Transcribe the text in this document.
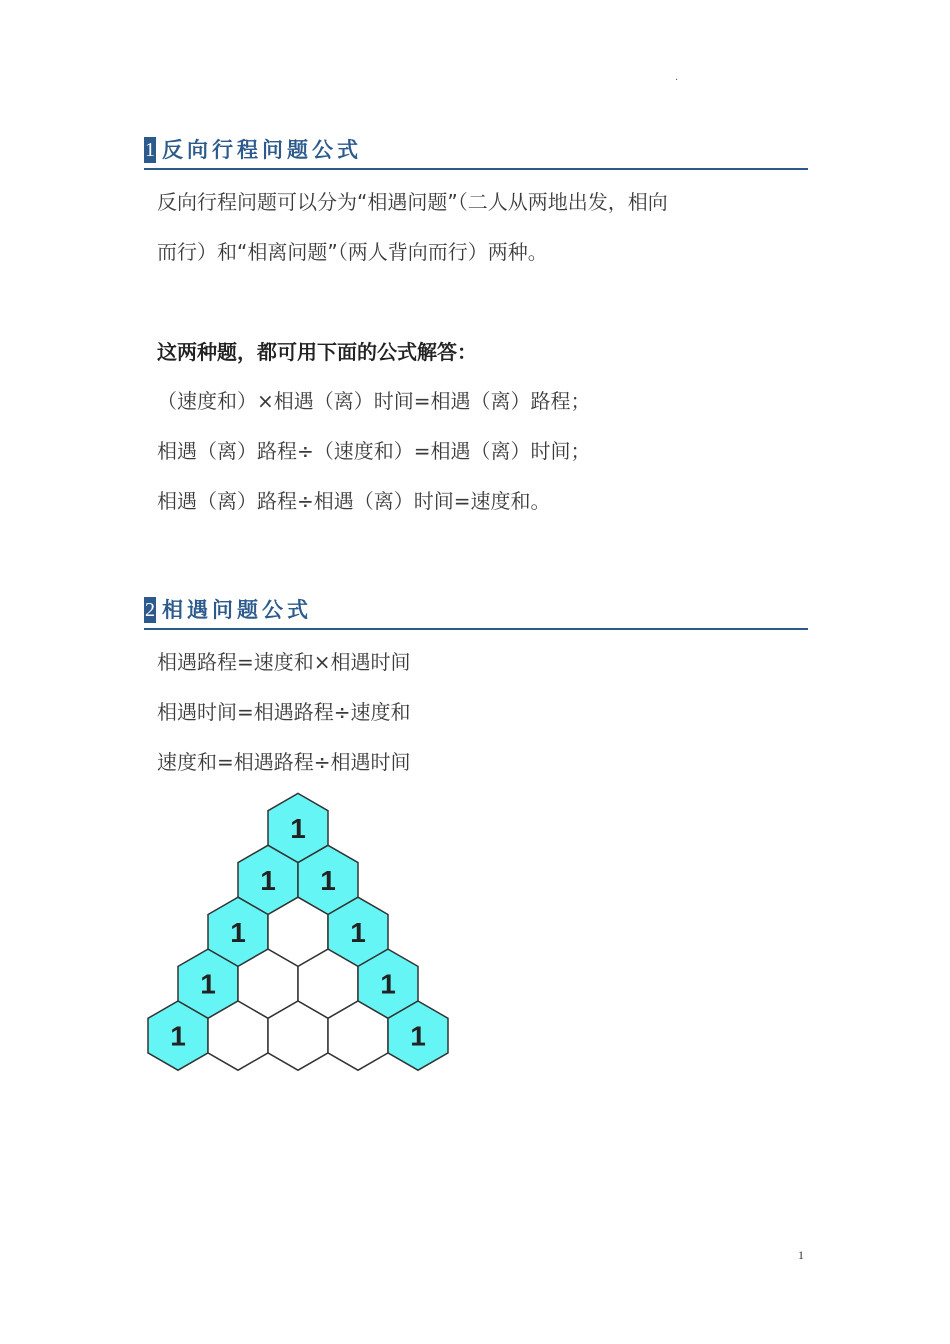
.
1 反向行程问题公式
反向行程问题可以分为“相遇问题”（二人从两地出发，相向
而行）和“相离问题”（两人背向而行）两种。
这两种题，都可用下面的公式解答：
（速度和）×相遇（离）时间=相遇（离）路程；
相遇（离）路程÷（速度和）=相遇（离）时间；
相遇（离）路程÷相遇（离）时间=速度和。
2 相遇问题公式
相遇路程=速度和×相遇时间
相遇时间=相遇路程÷速度和
速度和=相遇路程÷相遇时间
1
1 1
1	1
1	1
1	1
1
